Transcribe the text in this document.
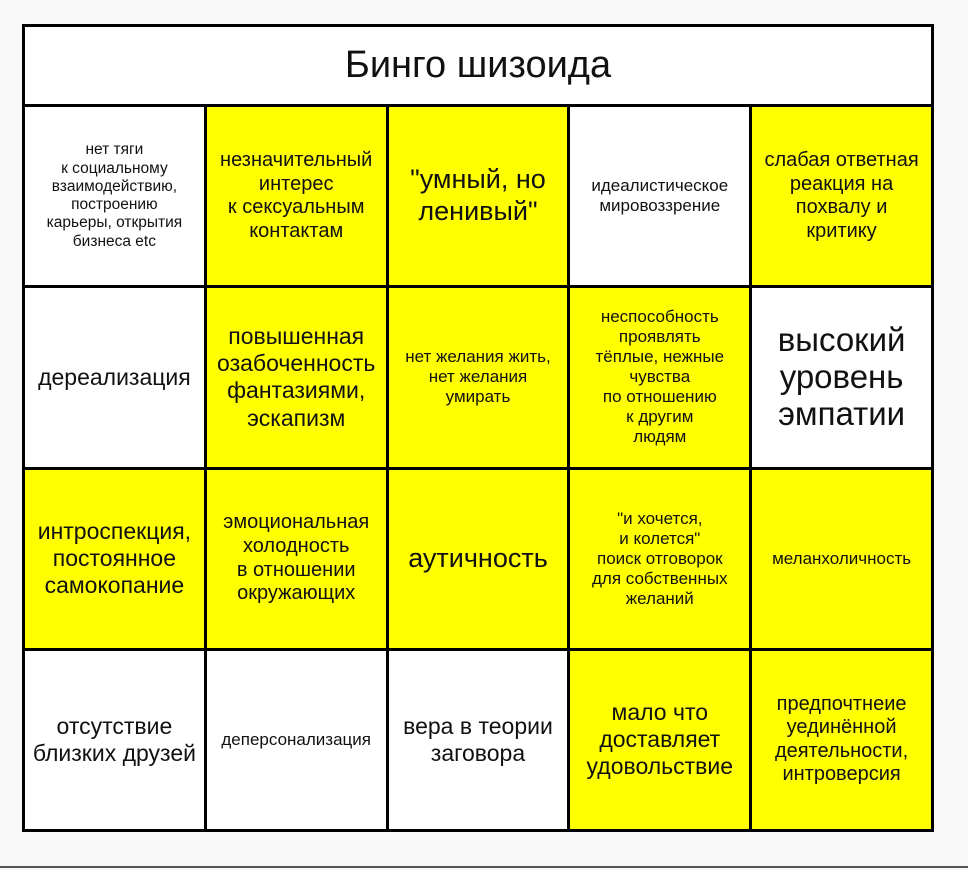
Бинго шизоида
нет тяги
к социальному
взаимодействию,
построению
карьеры, открытия
бизнеса etc
незначительный
интерес
к сексуальным
контактам
"умный, но
ленивый"
идеалистическое
мировоззрение
слабая ответная
реакция на
похвалу и
критику
дереализация
повышенная
озабоченность
фантазиями,
эскапизм
нет желания жить,
нет желания
умирать
неспособность
проявлять
тёплые, нежные
чувства
по отношению
к другим
людям
высокий
уровень
эмпатии
интроспекция,
постоянное
самокопание
эмоциональная
холодность
в отношении
окружающих
аутичность
"и хочется,
и колется"
поиск отговорок
для собственных
желаний
меланхоличность
отсутствие
близких друзей
деперсонализация
вера в теории
заговора
мало что
доставляет
удовольствие
предпочтнеие
уединённой
деятельности,
интроверсия
